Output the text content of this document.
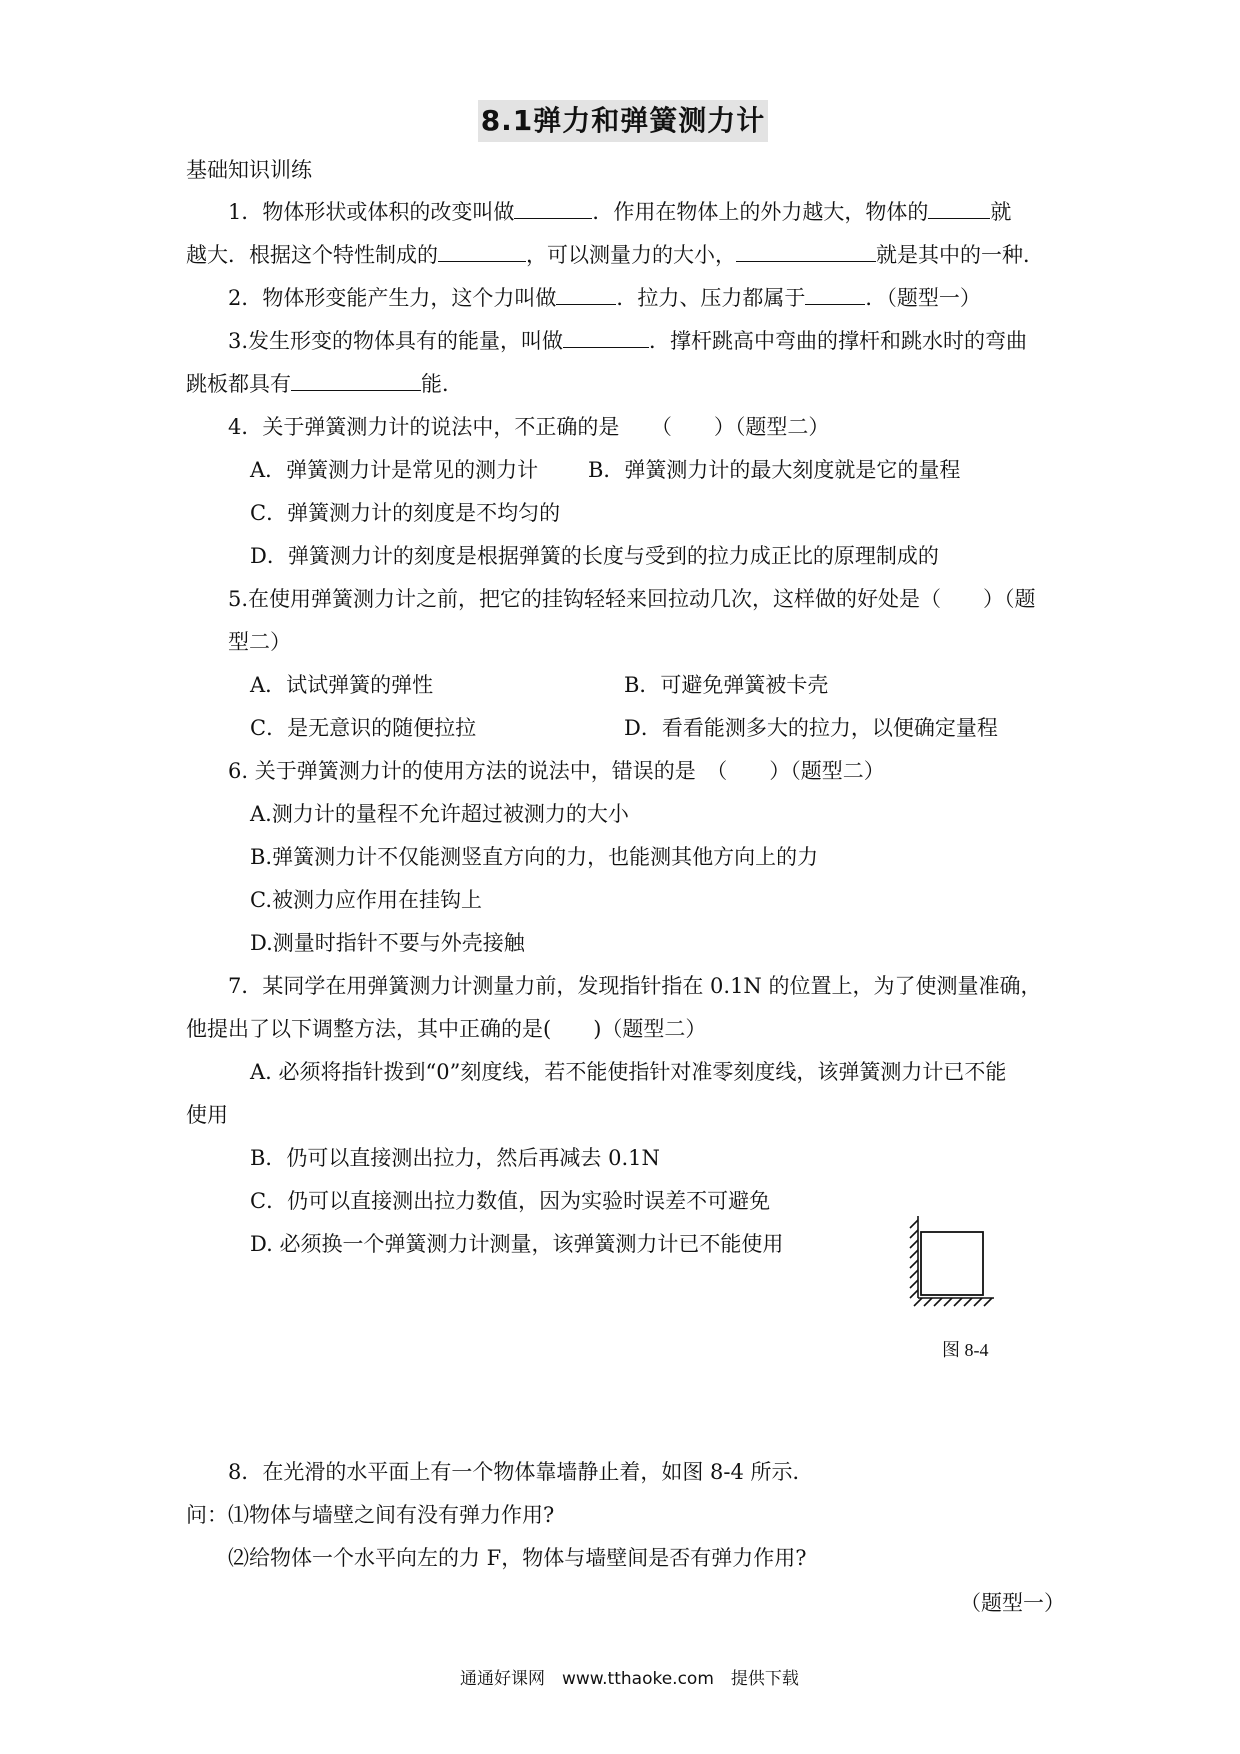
8.1弹力和弹簧测力计
基础知识训练
1．物体形状或体积的改变叫做	．作用在物体上的外力越大，物体的	就
越大．根据这个特性制成的	，可以测量力的大小，	就是其中的一种．
2．物体形变能产生力，这个力叫做	．拉力、压力都属于	．（题型一）
3.发生形变的物体具有的能量，叫做	．撑杆跳高中弯曲的撑杆和跳水时的弯曲
跳板都具有	能．
4．关于弹簧测力计的说法中，不正确的是　　（　　）（题型二）
A．弹簧测力计是常见的测力计 B．弹簧测力计的最大刻度就是它的量程
C．弹簧测力计的刻度是不均匀的
D．弹簧测力计的刻度是根据弹簧的长度与受到的拉力成正比的原理制成的
5.在使用弹簧测力计之前，把它的挂钩轻轻来回拉动几次，这样做的好处是（　　）（题
型二）
A．试试弹簧的弹性	B．可避免弹簧被卡壳
C．是无意识的随便拉拉	D．看看能测多大的拉力，以便确定量程
6. 关于弹簧测力计的使用方法的说法中，错误的是　（　　）（题型二）
A.测力计的量程不允许超过被测力的大小
B.弹簧测力计不仅能测竖直方向的力，也能测其他方向上的力
C.被测力应作用在挂钩上
D.测量时指针不要与外壳接触
7．某同学在用弹簧测力计测量力前，发现指针指在 0.1N 的位置上，为了使测量准确，
他提出了以下调整方法，其中正确的是(　　)（题型二）
A. 必须将指针拨到“0”刻度线，若不能使指针对准零刻度线，该弹簧测力计已不能
使用
B．仍可以直接测出拉力，然后再减去 0.1N
C．仍可以直接测出拉力数值，因为实验时误差不可避免
D. 必须换一个弹簧测力计测量，该弹簧测力计已不能使用
图 8-4
8．在光滑的水平面上有一个物体靠墙静止着，如图 8-4 所示．
问：⑴物体与墙壁之间有没有弹力作用?
⑵给物体一个水平向左的力 F，物体与墙壁间是否有弹力作用?
（题型一）
通通好课网　www.tthaoke.com　提供下载
